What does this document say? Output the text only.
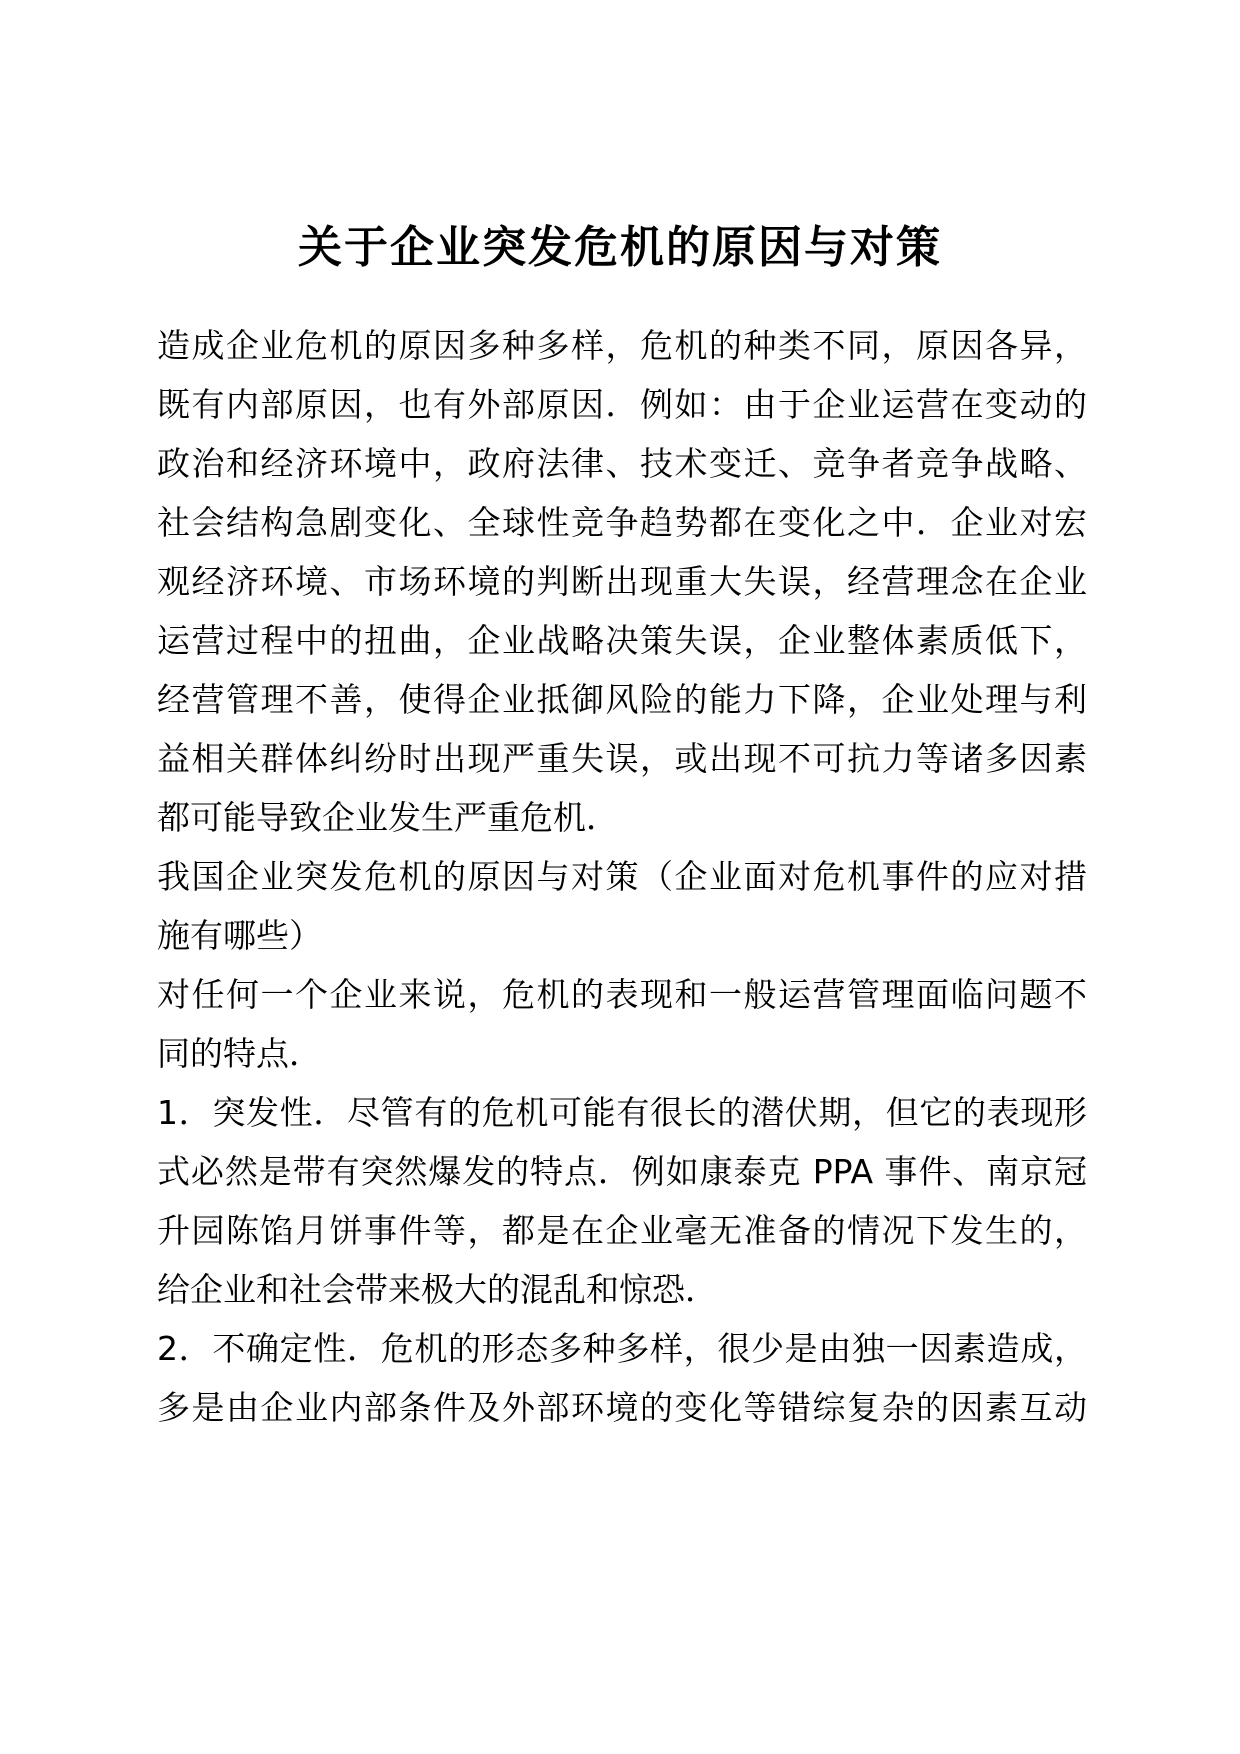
关于企业突发危机的原因与对策
造成企业危机的原因多种多样，危机的种类不同，原因各异，
既有内部原因，也有外部原因．例如：由于企业运营在变动的
政治和经济环境中，政府法律、技术变迁、竞争者竞争战略、
社会结构急剧变化、全球性竞争趋势都在变化之中．企业对宏
观经济环境、市场环境的判断出现重大失误，经营理念在企业
运营过程中的扭曲，企业战略决策失误，企业整体素质低下，
经营管理不善，使得企业抵御风险的能力下降，企业处理与利
益相关群体纠纷时出现严重失误，或出现不可抗力等诸多因素
都可能导致企业发生严重危机．
我国企业突发危机的原因与对策（企业面对危机事件的应对措
施有哪些）
对任何一个企业来说，危机的表现和一般运营管理面临问题不
同的特点．
1．突发性．尽管有的危机可能有很长的潜伏期，但它的表现形
式必然是带有突然爆发的特点．例如康泰克 PPA 事件、南京冠
升园陈馅月饼事件等，都是在企业毫无准备的情况下发生的，
给企业和社会带来极大的混乱和惊恐．
2．不确定性．危机的形态多种多样，很少是由独一因素造成，
多是由企业内部条件及外部环境的变化等错综复杂的因素互动
